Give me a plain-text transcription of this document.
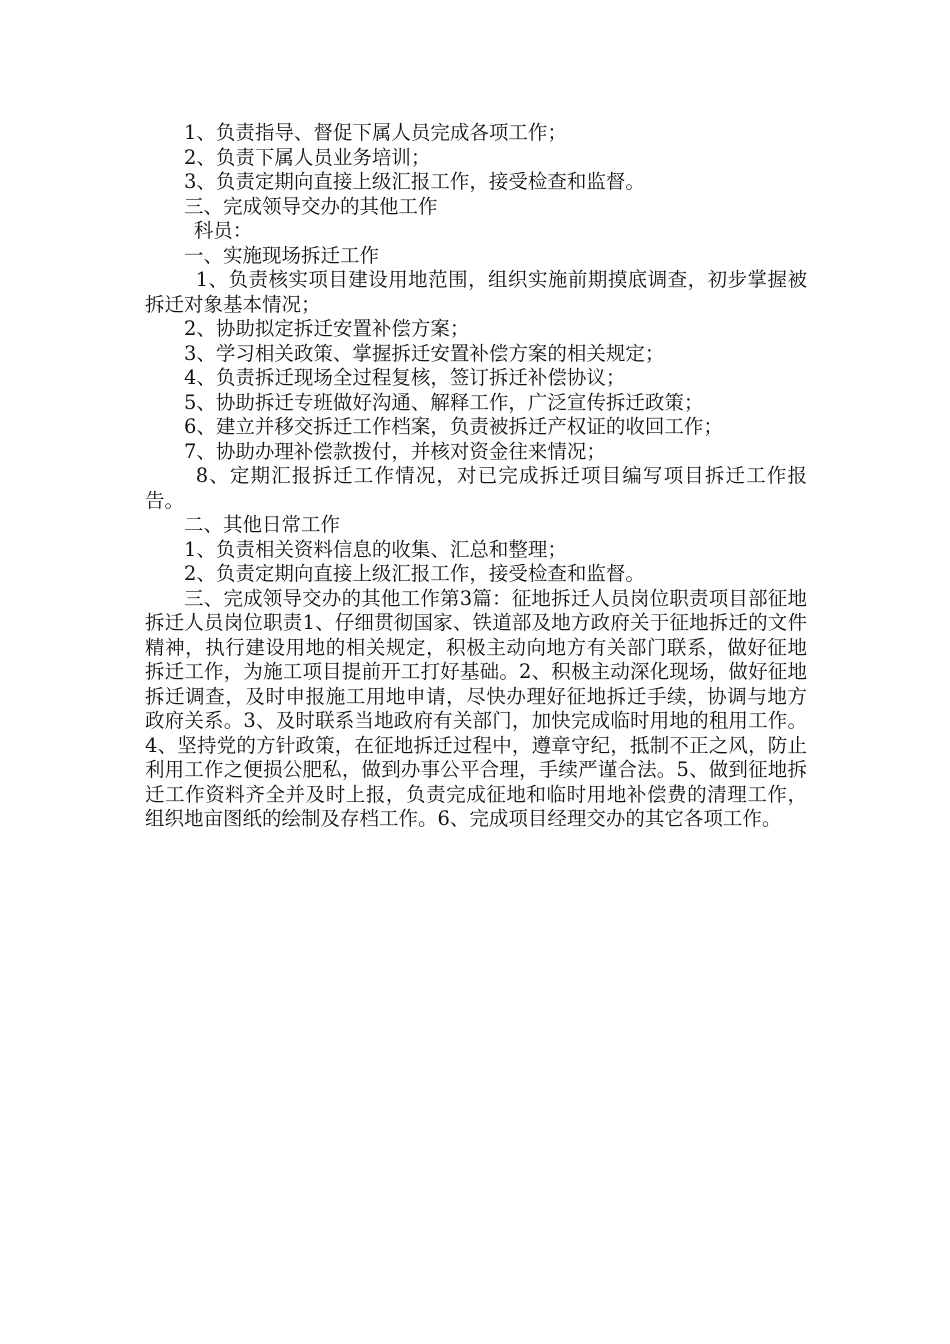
1、负责指导、督促下属人员完成各项工作；

2、负责下属人员业务培训；

3、负责定期向直接上级汇报工作，接受检查和监督。

三、完成领导交办的其他工作

科员：

一、实施现场拆迁工作

1、负责核实项目建设用地范围，组织实施前期摸底调查，初步掌握被拆迁对象基本情况；

2、协助拟定拆迁安置补偿方案；

3、学习相关政策、掌握拆迁安置补偿方案的相关规定；

4、负责拆迁现场全过程复核，签订拆迁补偿协议；

5、协助拆迁专班做好沟通、解释工作，广泛宣传拆迁政策；

6、建立并移交拆迁工作档案，负责被拆迁产权证的收回工作；

7、协助办理补偿款拨付，并核对资金往来情况；

8、定期汇报拆迁工作情况，对已完成拆迁项目编写项目拆迁工作报告。

二、其他日常工作

1、负责相关资料信息的收集、汇总和整理；

2、负责定期向直接上级汇报工作，接受检查和监督。

三、完成领导交办的其他工作第3篇：征地拆迁人员岗位职责项目部征地拆迁人员岗位职责1、仔细贯彻国家、铁道部及地方政府关于征地拆迁的文件精神，执行建设用地的相关规定，积极主动向地方有关部门联系，做好征地拆迁工作，为施工项目提前开工打好基础。2、积极主动深化现场，做好征地拆迁调查，及时申报施工用地申请，尽快办理好征地拆迁手续，协调与地方政府关系。3、及时联系当地政府有关部门，加快完成临时用地的租用工作。4、坚持党的方针政策，在征地拆迁过程中，遵章守纪，抵制不正之风，防止利用工作之便损公肥私，做到办事公平合理，手续严谨合法。5、做到征地拆迁工作资料齐全并及时上报，负责完成征地和临时用地补偿费的清理工作，组织地亩图纸的绘制及存档工作。6、完成项目经理交办的其它各项工作。
